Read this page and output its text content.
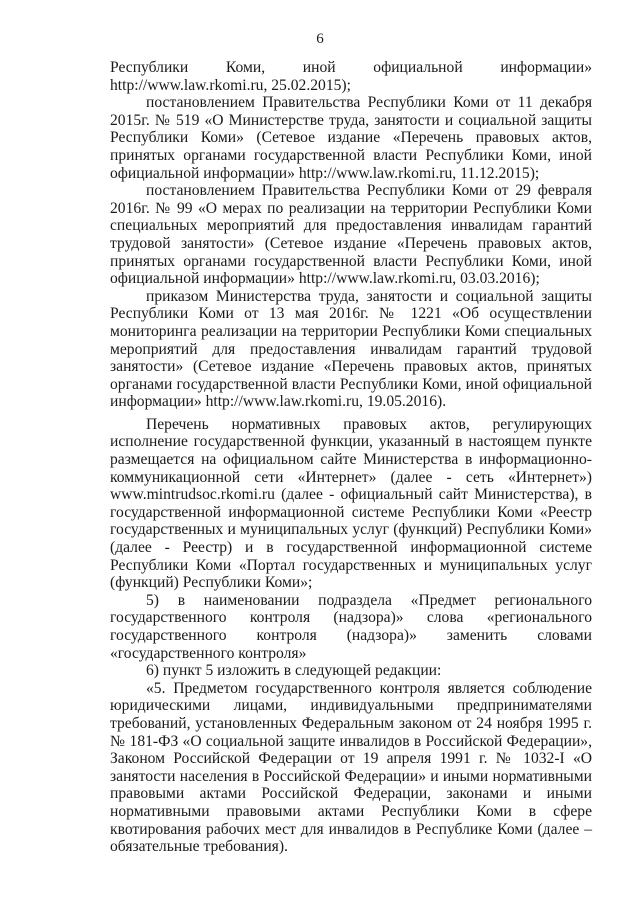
6

Республики Коми, иной официальной информации» http://www.law.rkomi.ru, 25.02.2015);

постановлением Правительства Республики Коми от 11 декабря 2015г. № 519 «О Министерстве труда, занятости и социальной защиты Республики Коми» (Сетевое издание «Перечень правовых актов, принятых органами государственной власти Республики Коми, иной официальной информации» http://www.law.rkomi.ru, 11.12.2015);

постановлением Правительства Республики Коми от 29 февраля 2016г. № 99 «О мерах по реализации на территории Республики Коми специальных мероприятий для предоставления инвалидам гарантий трудовой занятости» (Сетевое издание «Перечень правовых актов, принятых органами государственной власти Республики Коми, иной официальной информации» http://www.law.rkomi.ru, 03.03.2016);

приказом Министерства труда, занятости и социальной защиты Республики Коми от 13 мая 2016г. № 1221 «Об осуществлении мониторинга реализации на территории Республики Коми специальных мероприятий для предоставления инвалидам гарантий трудовой занятости» (Сетевое издание «Перечень правовых актов, принятых органами государственной власти Республики Коми, иной официальной информации» http://www.law.rkomi.ru, 19.05.2016).

Перечень нормативных правовых актов, регулирующих исполнение государственной функции, указанный в настоящем пункте размещается на официальном сайте Министерства в информационно-коммуникационной сети «Интернет» (далее - сеть «Интернет») www.mintrudsoc.rkomi.ru (далее - официальный сайт Министерства), в государственной информационной системе Республики Коми «Реестр государственных и муниципальных услуг (функций) Республики Коми» (далее - Реестр) и в государственной информационной системе Республики Коми «Портал государственных и муниципальных услуг (функций) Республики Коми»;

5) в наименовании подраздела «Предмет регионального государственного контроля (надзора)» слова «регионального государственного контроля (надзора)» заменить словами «государственного контроля»

6) пункт 5 изложить в следующей редакции:

«5. Предметом государственного контроля является соблюдение юридическими лицами, индивидуальными предпринимателями требований, установленных Федеральным законом от 24 ноября 1995 г. № 181-ФЗ «О социальной защите инвалидов в Российской Федерации», Законом Российской Федерации от 19 апреля 1991 г. № 1032-I «О занятости населения в Российской Федерации» и иными нормативными правовыми актами Российской Федерации, законами и иными нормативными правовыми актами Республики Коми в сфере квотирования рабочих мест для инвалидов в Республике Коми (далее – обязательные требования).
